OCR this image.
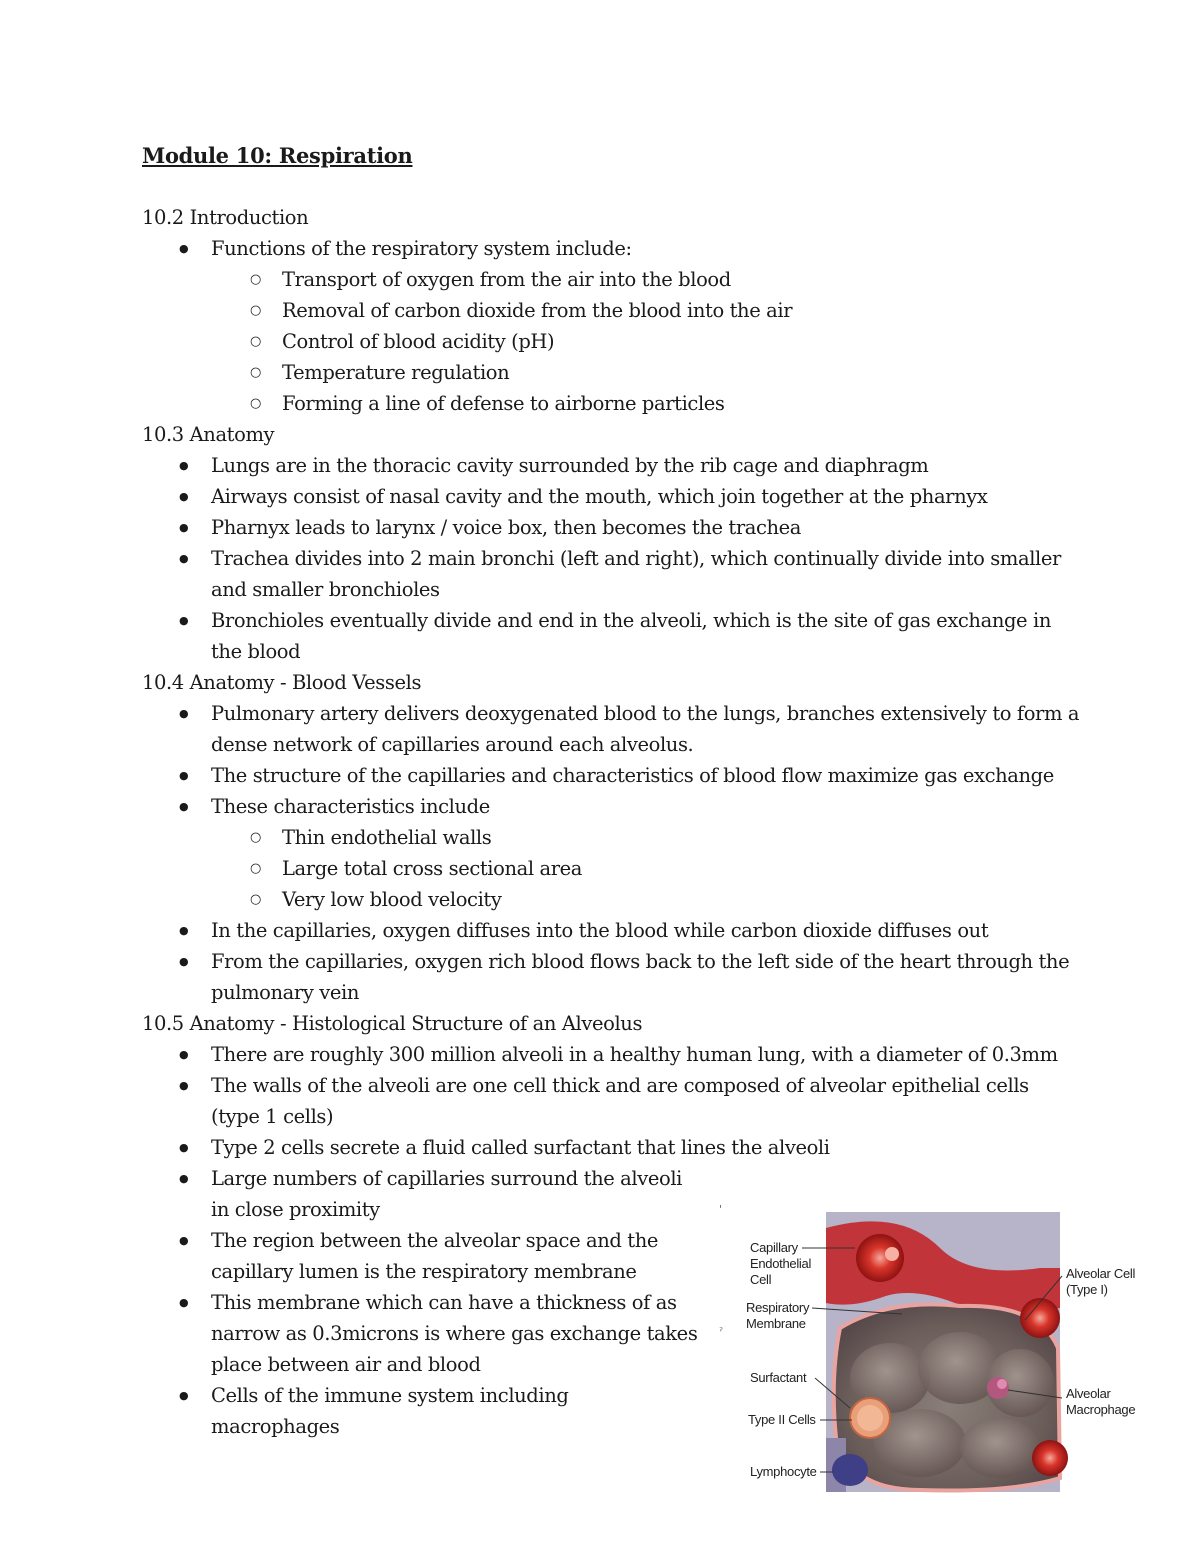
Module 10: Respiration
10.2 Introduction
● Functions of the respiratory system include:
○ Transport of oxygen from the air into the blood
○ Removal of carbon dioxide from the blood into the air
○ Control of blood acidity (pH)
○ Temperature regulation
○ Forming a line of defense to airborne particles
10.3 Anatomy
● Lungs are in the thoracic cavity surrounded by the rib cage and diaphragm
● Airways consist of nasal cavity and the mouth, which join together at the pharnyx
● Pharnyx leads to larynx / voice box, then becomes the trachea
● Trachea divides into 2 main bronchi (left and right), which continually divide into smaller and smaller bronchioles
● Bronchioles eventually divide and end in the alveoli, which is the site of gas exchange in the blood
10.4 Anatomy - Blood Vessels
● Pulmonary artery delivers deoxygenated blood to the lungs, branches extensively to form a dense network of capillaries around each alveolus.
● The structure of the capillaries and characteristics of blood flow maximize gas exchange
● These characteristics include
○ Thin endothelial walls
○ Large total cross sectional area
○ Very low blood velocity
● In the capillaries, oxygen diffuses into the blood while carbon dioxide diffuses out
● From the capillaries, oxygen rich blood flows back to the left side of the heart through the pulmonary vein
10.5 Anatomy - Histological Structure of an Alveolus
● There are roughly 300 million alveoli in a healthy human lung, with a diameter of 0.3mm
● The walls of the alveoli are one cell thick and are composed of alveolar epithelial cells (type 1 cells)
● Type 2 cells secrete a fluid called surfactant that lines the alveoli
● Large numbers of capillaries surround the alveoli in close proximity
● The region between the alveolar space and the capillary lumen is the respiratory membrane
● This membrane which can have a thickness of as narrow as 0.3microns is where gas exchange takes place between air and blood
● Cells of the immune system including macrophages
'
ˀ
Capillary
Endothelial
Cell
Respiratory
Membrane
Surfactant
Type II Cells
Lymphocyte
Alveolar Cell
(Type I)
Alveolar
Macrophage
